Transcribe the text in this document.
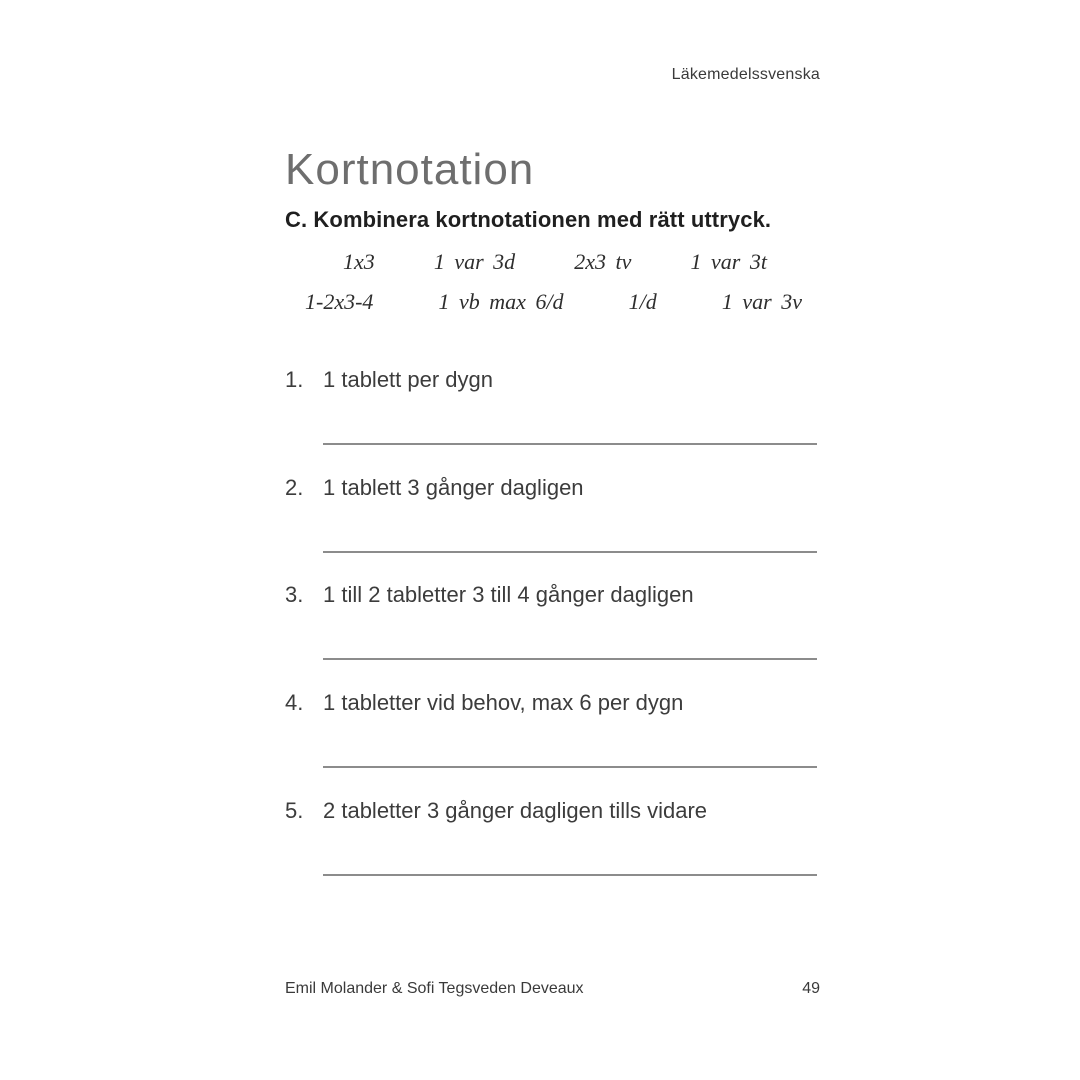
Läkemedelssvenska
Kortnotation
C. Kombinera kortnotationen med rätt uttryck.
1x3	1 var 3d	2x3 tv	1 var 3t
1-2x3-4	1 vb max 6/d	1/d	1 var 3v
1. 1 tablett per dygn
2. 1 tablett 3 gånger dagligen
3. 1 till 2 tabletter 3 till 4 gånger dagligen
4. 1 tabletter vid behov, max 6 per dygn
5. 2 tabletter 3 gånger dagligen tills vidare
Emil Molander & Sofi Tegsveden Deveaux	49
